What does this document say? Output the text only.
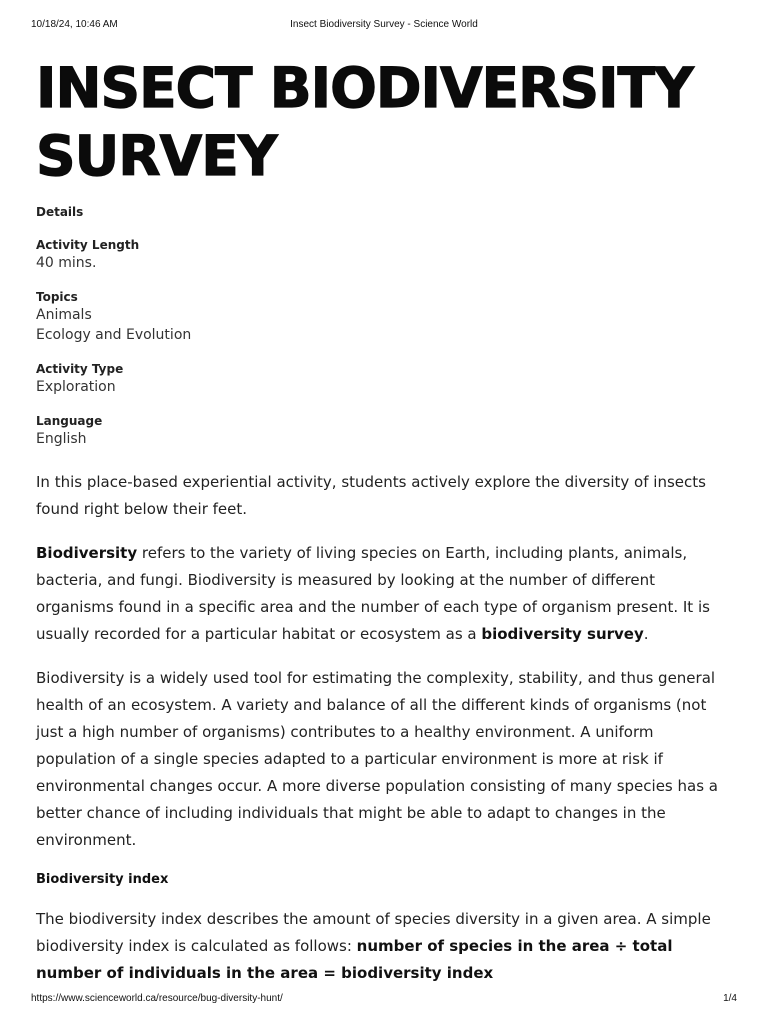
10/18/24, 10:46 AM	Insect Biodiversity Survey - Science World
INSECT BIODIVERSITY SURVEY
Details
Activity Length
40 mins.
Topics
Animals
Ecology and Evolution
Activity Type
Exploration
Language
English

In this place-based experiential activity, students actively explore the diversity of insects found right below their feet.

Biodiversity refers to the variety of living species on Earth, including plants, animals, bacteria, and fungi. Biodiversity is measured by looking at the number of different organisms found in a specific area and the number of each type of organism present. It is usually recorded for a particular habitat or ecosystem as a biodiversity survey.

Biodiversity is a widely used tool for estimating the complexity, stability, and thus general health of an ecosystem. A variety and balance of all the different kinds of organisms (not just a high number of organisms) contributes to a healthy environment. A uniform population of a single species adapted to a particular environment is more at risk if environmental changes occur. A more diverse population consisting of many species has a better chance of including individuals that might be able to adapt to changes in the environment.

Biodiversity index

The biodiversity index describes the amount of species diversity in a given area. A simple biodiversity index is calculated as follows: number of species in the area ÷ total number of individuals in the area = biodiversity index

https://www.scienceworld.ca/resource/bug-diversity-hunt/	1/4
